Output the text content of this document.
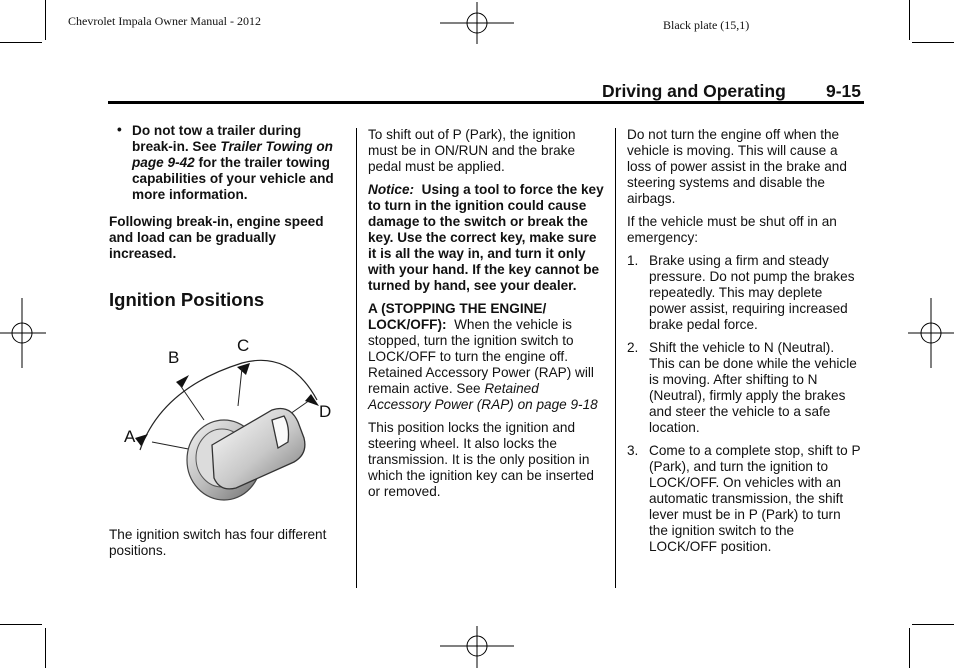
Chevrolet Impala Owner Manual - 2012	Black plate (15,1)
Driving and Operating 9-15

• Do not tow a trailer during break-in. See Trailer Towing on page 9-42 for the trailer towing capabilities of your vehicle and more information.

Following break-in, engine speed and load can be gradually increased.

Ignition Positions
A
B
C
D

The ignition switch has four different positions.

To shift out of P (Park), the ignition must be in ON/RUN and the brake pedal must be applied.

Notice: Using a tool to force the key to turn in the ignition could cause damage to the switch or break the key. Use the correct key, make sure it is all the way in, and turn it only with your hand. If the key cannot be turned by hand, see your dealer.

A (STOPPING THE ENGINE/ LOCK/OFF): When the vehicle is stopped, turn the ignition switch to LOCK/OFF to turn the engine off. Retained Accessory Power (RAP) will remain active. See Retained Accessory Power (RAP) on page 9-18

This position locks the ignition and steering wheel. It also locks the transmission. It is the only position in which the ignition key can be inserted or removed.

Do not turn the engine off when the vehicle is moving. This will cause a loss of power assist in the brake and steering systems and disable the airbags.

If the vehicle must be shut off in an emergency:

1. Brake using a firm and steady pressure. Do not pump the brakes repeatedly. This may deplete power assist, requiring increased brake pedal force.

2. Shift the vehicle to N (Neutral). This can be done while the vehicle is moving. After shifting to N (Neutral), firmly apply the brakes and steer the vehicle to a safe location.

3. Come to a complete stop, shift to P (Park), and turn the ignition to LOCK/OFF. On vehicles with an automatic transmission, the shift lever must be in P (Park) to turn the ignition switch to the LOCK/OFF position.
